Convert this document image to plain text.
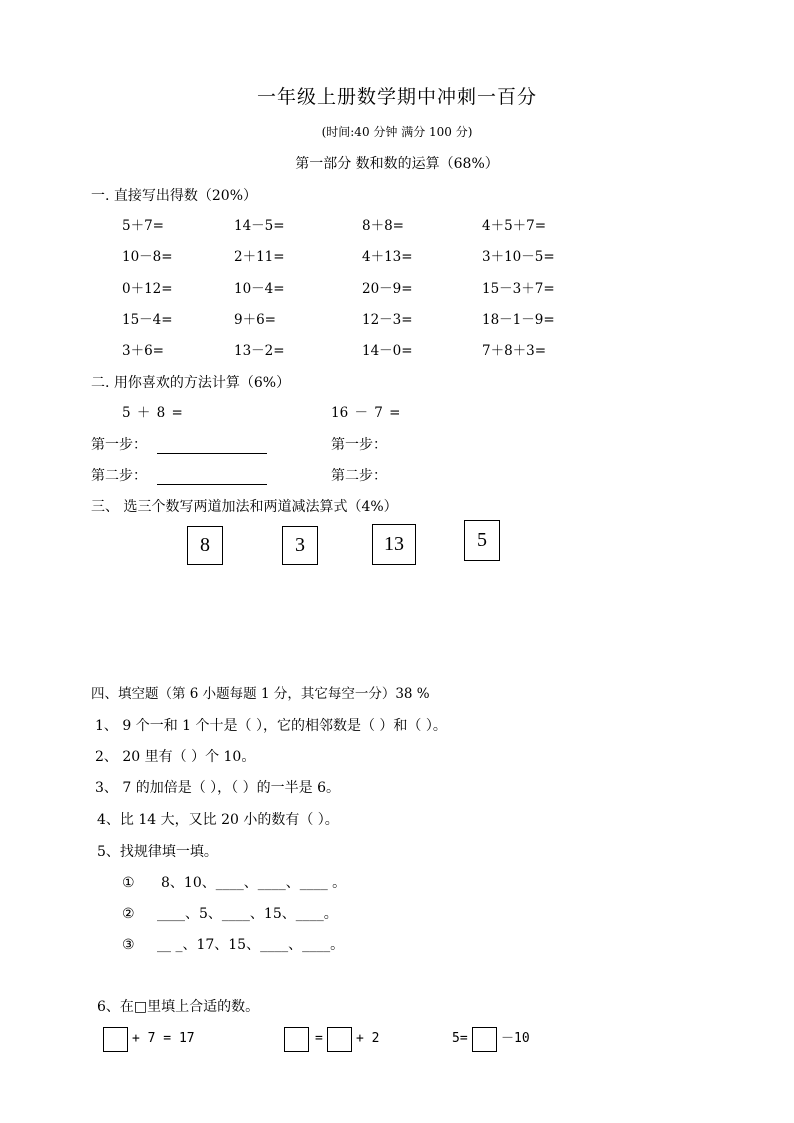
一年级上册数学期中冲刺一百分
(时间:40 分钟 满分 100 分)
第一部分 数和数的运算（68%）
一. 直接写出得数（20%）
5＋7=	14－5=	8＋8=	4＋5＋7=
10－8=	2＋11=	4＋13=	3＋10－5=
0＋12=	10－4=	20－9=	15－3＋7=
15－4=	9＋6=	12－3=	18－1－9=
3＋6=	13－2=	14－0=	7＋8＋3=
二. 用你喜欢的方法计算（6%）
5 ＋ 8 =	16 － 7 =
第一步：	第一步：
第二步：	第二步：
三、 选三个数写两道加法和两道减法算式（4%）
8	3	13	5
四、填空题（第 6 小题每题 1 分，其它每空一分）38 %
1、 9 个一和 1 个十是（ ），它的相邻数是（ ）和（ ）。
2、 20 里有（ ）个 10。
3、 7 的加倍是（ ），（ ）的一半是 6。
4、比 14 大，又比 20 小的数有（ ）。
5、找规律填一填。
① 8、10、____、____、____ 。
② ____、5、____、15、____。
③ __ _、17、15、____、____。
6、在□里填上合适的数。
+ 7 = 17	=	+ 2	5=	－10
